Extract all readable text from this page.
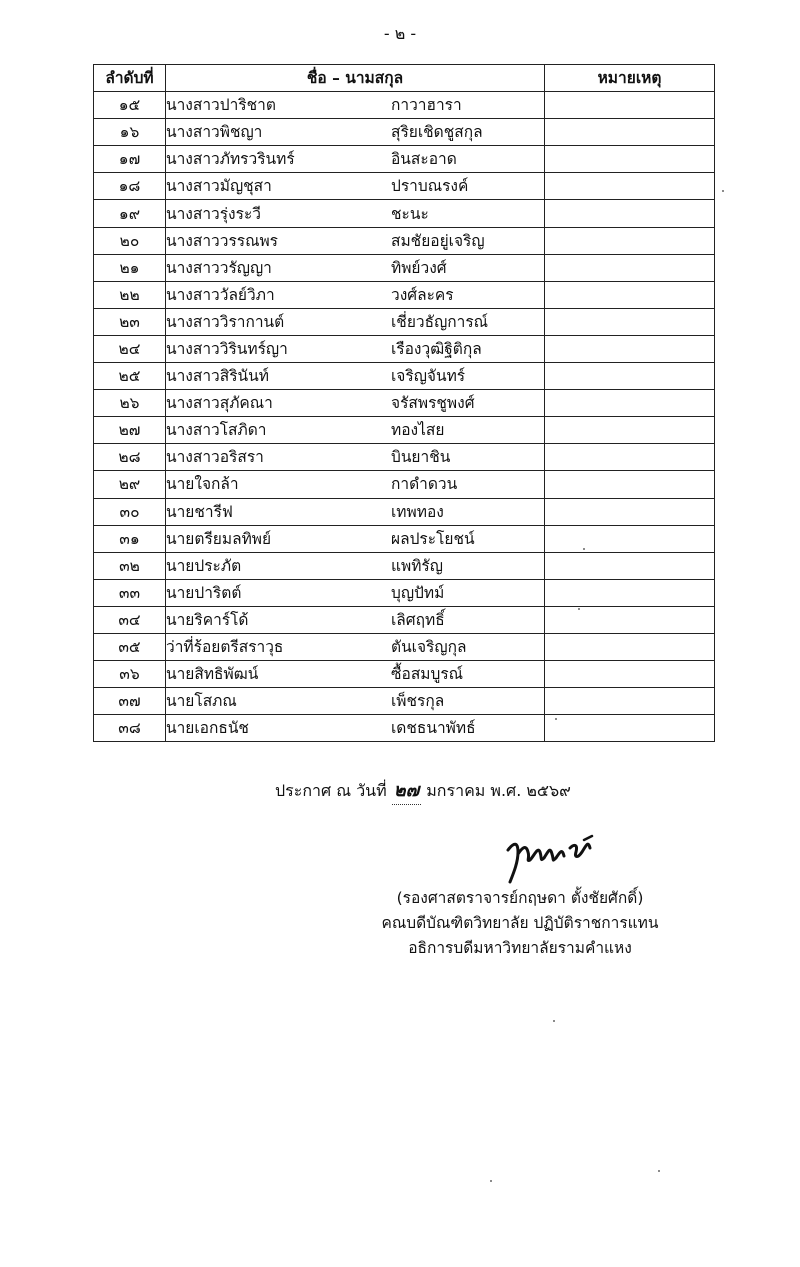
- ๒ -
ลำดับที่	ชื่อ – นามสกุล	หมายเหตุ
๑๕	นางสาวปาริชาต กาวาฮารา	
๑๖	นางสาวพิชญา สุริยเชิดชูสกุล	
๑๗	นางสาวภัทรวรินทร์ อินสะอาด	
๑๘	นางสาวมัญชุสา ปราบณรงค์	
๑๙	นางสาวรุ่งระวี ชะนะ	
๒๐	นางสาววรรณพร สมชัยอยู่เจริญ	
๒๑	นางสาววรัญญา ทิพย์วงศ์	
๒๒	นางสาววัลย์วิภา วงศ์ละคร	
๒๓	นางสาววิรากานต์ เชี่ยวธัญการณ์	
๒๔	นางสาววิรินทร์ญา เรืองวุฒิฐิติกุล	
๒๕	นางสาวสิรินันท์ เจริญจันทร์	
๒๖	นางสาวสุภัคณา จรัสพรชูพงศ์	
๒๗	นางสาวโสภิดา ทองไสย	
๒๘	นางสาวอริสรา บินยาชิน	
๒๙	นายใจกล้า กาดำดวน	
๓๐	นายชารีฟ เทพทอง	
๓๑	นายตรียมลทิพย์ ผลประโยชน์	
๓๒	นายประภัต แพทิรัญ	
๓๓	นายปาริตต์ บุญปัทม์	
๓๔	นายริคาร์โด้ เลิศฤทธิ์	
๓๕	ว่าที่ร้อยตรีสราวุธ ตันเจริญกุล	
๓๖	นายสิทธิพัฒน์ ซื้อสมบูรณ์	
๓๗	นายโสภณ เพ็ชรกุล	
๓๘	นายเอกธนัช เดชธนาพัทธ์	
ประกาศ ณ วันที่ ๒๗ มกราคม พ.ศ. ๒๕๖๙
(รองศาสตราจารย์กฤษดา ตั้งชัยศักดิ์)
คณบดีบัณฑิตวิทยาลัย ปฏิบัติราชการแทน
อธิการบดีมหาวิทยาลัยรามคำแหง
